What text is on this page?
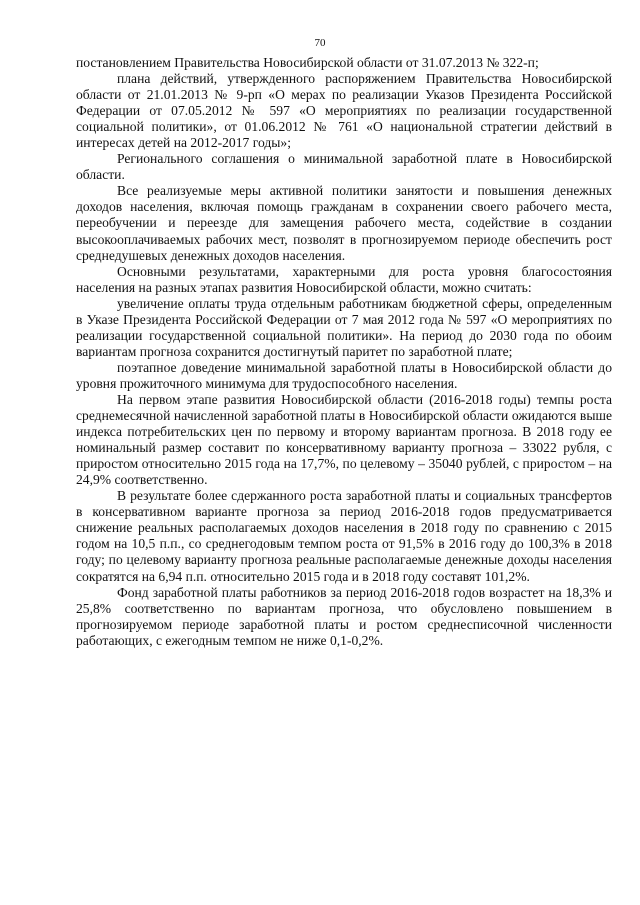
70

постановлением Правительства Новосибирской области от 31.07.2013 № 322-п;

плана действий, утвержденного распоряжением Правительства Новосибирской области от 21.01.2013 № 9-рп «О мерах по реализации Указов Президента Российской Федерации от 07.05.2012 № 597 «О мероприятиях по реализации государственной социальной политики», от 01.06.2012 № 761 «О национальной стратегии действий в интересах детей на 2012-2017 годы»;

Регионального соглашения о минимальной заработной плате в Новосибирской области.

Все реализуемые меры активной политики занятости и повышения денежных доходов населения, включая помощь гражданам в сохранении своего рабочего места, переобучении и переезде для замещения рабочего места, содействие в создании высокооплачиваемых рабочих мест, позволят в прогнозируемом периоде обеспечить рост среднедушевых денежных доходов населения.

Основными результатами, характерными для роста уровня благосостояния населения на разных этапах развития Новосибирской области, можно считать:

увеличение оплаты труда отдельным работникам бюджетной сферы, определенным в Указе Президента Российской Федерации от 7 мая 2012 года № 597 «О мероприятиях по реализации государственной социальной политики». На период до 2030 года по обоим вариантам прогноза сохранится достигнутый паритет по заработной плате;

поэтапное доведение минимальной заработной платы в Новосибирской области до уровня прожиточного минимума для трудоспособного населения.

На первом этапе развития Новосибирской области (2016-2018 годы) темпы роста среднемесячной начисленной заработной платы в Новосибирской области ожидаются выше индекса потребительских цен по первому и второму вариантам прогноза. В 2018 году ее номинальный размер составит по консервативному варианту прогноза – 33022 рубля, с приростом относительно 2015 года на 17,7%, по целевому – 35040 рублей, с приростом – на 24,9% соответственно.

В результате более сдержанного роста заработной платы и социальных трансфертов в консервативном варианте прогноза за период 2016-2018 годов предусматривается снижение реальных располагаемых доходов населения в 2018 году по сравнению с 2015 годом на 10,5 п.п., со среднегодовым темпом роста от 91,5% в 2016 году до 100,3% в 2018 году; по целевому варианту прогноза реальные располагаемые денежные доходы населения сократятся на 6,94 п.п. относительно 2015 года и в 2018 году составят 101,2%.

Фонд заработной платы работников за период 2016-2018 годов возрастет на 18,3% и 25,8% соответственно по вариантам прогноза, что обусловлено повышением в прогнозируемом периоде заработной платы и ростом среднесписочной численности работающих, с ежегодным темпом не ниже 0,1-0,2%.
